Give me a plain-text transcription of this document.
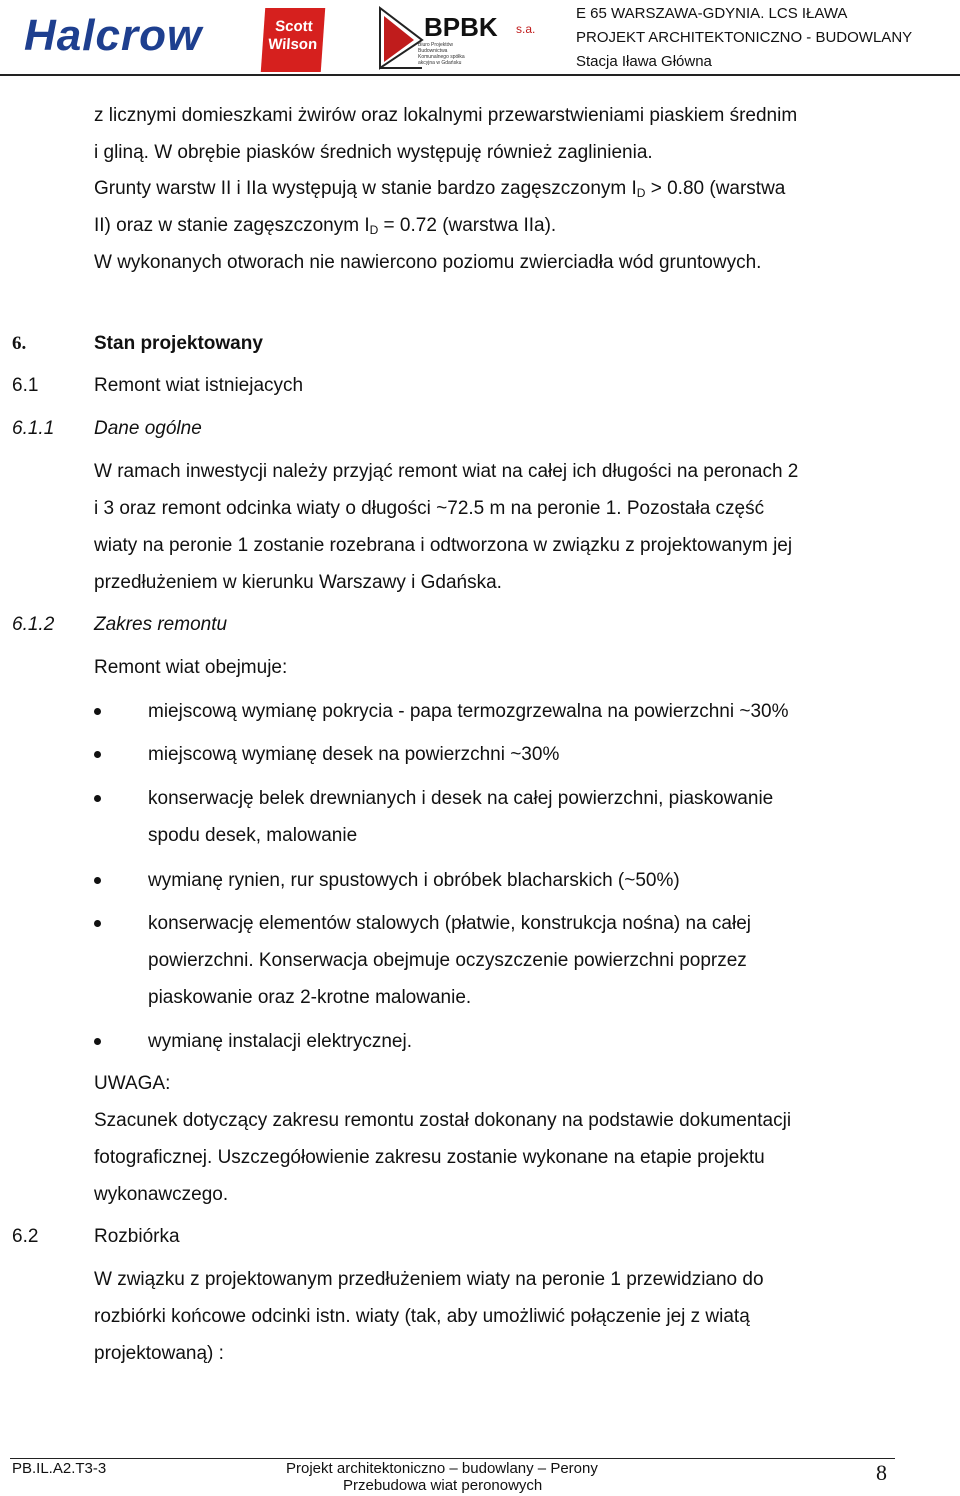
Halcrow	Scott
Wilson
BPBK s.a.
Biuro Projektów Budownictwa Komunalnego spółka akcyjna w Gdańsku
E 65 WARSZAWA-GDYNIA. LCS IŁAWA
PROJEKT ARCHITEKTONICZNO - BUDOWLANY
Stacja Iława Główna
z licznymi domieszkami żwirów oraz lokalnymi przewarstwieniami piaskiem średnim
i gliną. W obrębie piasków średnich występuję również zaglinienia.
Grunty warstw II i IIa występują w stanie bardzo zagęszczonym $I_D > 0.80$ (warstwa
II) oraz w stanie zagęszczonym $I_D = 0.72$ (warstwa IIa).
W wykonanych otworach nie nawiercono poziomu zwierciadła wód gruntowych.
6.	Stan projektowany
6.1	Remont wiat istniejacych
6.1.1 Dane ogólne
W ramach inwestycji należy przyjąć remont wiat na całej ich długości na peronach 2
i 3 oraz remont odcinka wiaty o długości ~72.5 m na peronie 1. Pozostała część
wiaty na peronie 1 zostanie rozebrana i odtworzona w związku z projektowanym jej
przedłużeniem w kierunku Warszawy i Gdańska.
6.1.2 Zakres remontu
Remont wiat obejmuje:
miejscową wymianę pokrycia - papa termozgrzewalna na powierzchni ~30%
miejscową wymianę desek na powierzchni ~30%
konserwację belek drewnianych i desek na całej powierzchni, piaskowanie
spodu desek, malowanie
wymianę rynien, rur spustowych i obróbek blacharskich (~50%)
konserwację elementów stalowych (płatwie, konstrukcja nośna) na całej
powierzchni. Konserwacja obejmuje oczyszczenie powierzchni poprzez
piaskowanie oraz 2-krotne malowanie.
wymianę instalacji elektrycznej.
UWAGA:
Szacunek dotyczący zakresu remontu został dokonany na podstawie dokumentacji
fotograficznej. Uszczegółowienie zakresu zostanie wykonane na etapie projektu
wykonawczego.
6.2	Rozbiórka
W związku z projektowanym przedłużeniem wiaty na peronie 1 przewidziano do
rozbiórki końcowe odcinki istn. wiaty (tak, aby umożliwić połączenie jej z wiatą
projektowaną) :
PB.IL.A2.T3-3	Projekt architektoniczno – budowlany – Perony
Przebudowa wiat peronowych
8
